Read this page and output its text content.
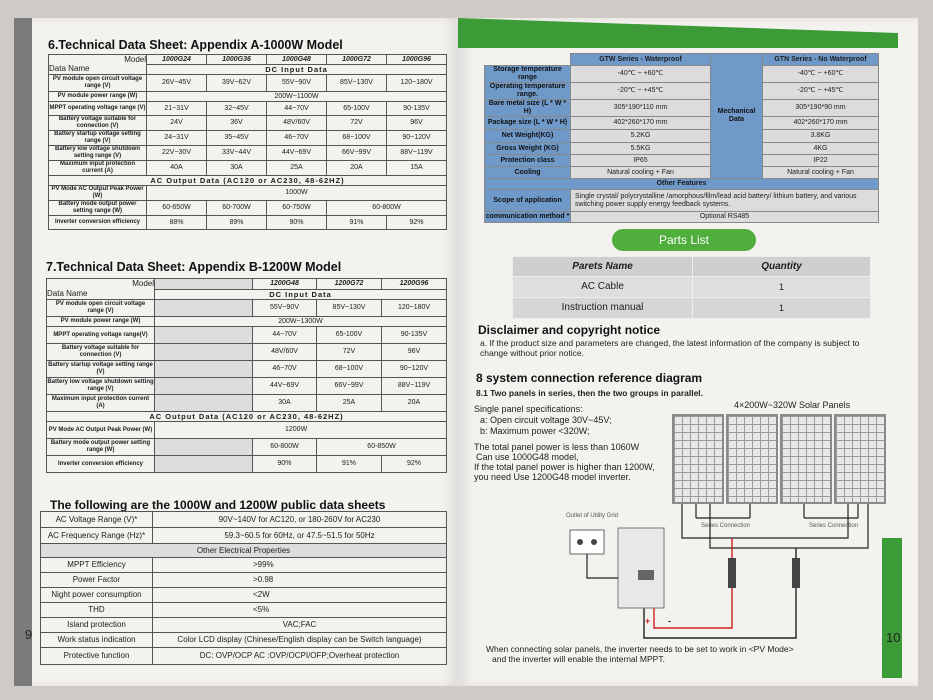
6.Technical Data Sheet: Appendix A-1000W Model
Model	1000G24	1000G36	1000G48	1000G72	1000G96
Data Name	DC Input Data				
PV module open circuit voltage range (V)	26V~45V	39V~62V	55V~90V	85V~130V	120~180V
PV module power range (W)	200W~1100W				
MPPT operating voltage range (V)	21~31V	32~45V	44~70V	65-100V	90-135V
Battery voltage suitable for connection (V)	24V	36V	48V/60V	72V	96V
Battery startup voltage setting range (V)	24~31V	35~45V	46~70V	68~100V	90~120V
Battery low voltage shutdown setting range (V)	22V~30V	33V~44V	44V~69V	66V~99V	88V~119V
Maximum input protection current (A)	40A	30A	25A	20A	15A
AC Output Data (AC120 or AC230, 48-62HZ)					
PV Mode AC Output Peak Power (W)	1000W				
Battery mode output power setting range (W)	60-650W	60-700W	60-750W	60-800W	
Inverter conversion efficiency	88%	89%	90%	91%	92%
7.Technical Data Sheet: Appendix B-1200W Model
Model		1200G48	1200G72	1200G96
Data Name	DC Input Data			
PV module open circuit voltage range (V)		55V~90V	85V~130V	120~180V
PV module power range (W)	200W~1300W			
MPPT operating voltage range(V)		44~70V	65-100V	90-135V
Battery voltage suitable for connection (V)		48V/60V	72V	96V
Battery startup voltage setting range (V)		46~70V	68~100V	90~120V
Battery low voltage shutdown setting range (V)		44V~69V	66V~99V	88V~119V
Maximum input protection current (A)		30A	25A	20A
AC Output Data (AC120 or AC230, 48-62HZ)				
PV Mode AC Output Peak Power (W)	1200W			
Battery mode output power setting range (W)		60-800W	60-850W	
Inverter conversion efficiency		90%	91%	92%
The following are the 1000W and 1200W public data sheets
AC Voltage Range (V)*	90V~140V for AC120, or 180-260V for AC230
AC Frequency Range (Hz)*	59.3~60.5 for 60Hz, or 47.5~51.5 for 50Hz
Other Electrical Properties	
MPPT Efficiency	>99%
Power Factor	>0.98
Night power consumption	<2W
THD	<5%
Island protection	VAC;FAC
Work status indication	Color LCD display (Chinese/English display can be Switch language)
Protective function	DC: OVP/OCP AC :OVP/OCPI/OFP;Overheat protection
9
	GTW Series - Waterproof	Mechanical Data	GTN Series - No Waterproof
Storage temperature range	-40℃ ~ +60℃		-40℃ ~ +60℃
Operating temperature range.	-20℃ ~ +45℃		-20℃ ~ +45℃
Bare metal size (L * W * H)	305*190*110 mm		305*190*90 mm
Package size (L * W * H)	402*260*170 mm		402*260*170 mm
Net Weight(KG)	5.2KG		3.8KG
Gross Weight (KG)	5.5KG		4KG
Protection class	IP65		IP22
Cooling	Natural cooling + Fan		Natural cooling + Fan
Other Features			
Scope of application	Single crystal/ polycrystalline /amorphous/film/lead acid battery/ lithium battery, and various switching power supply energy feedback systems.		
communication method *	Optional RS485		
Parts List
Parets Name	Quantity
AC Cable	1
Instruction manual	1
Disclaimer and copyright notice
a. If the product size and parameters are changed, the latest information of the company is subject to change without prior notice.
8 system connection reference diagram
8.1 Two panels in series, then the two groups in parallel.
Single panel specifications:
a: Open circuit voltage 30V~45V;
b: Maximum power <320W;
The total panel power is less than 1060W
Can use 1000G48 model,
If the total panel power is higher than 1200W,
you need Use 1200G48 model inverter.
4×200W~320W Solar Panels
Outlet of Utility Grid
Series Connection	Series Connection
+ -
When connecting solar panels, the inverter needs to be set to work in <PV Mode>
and the inverter will enable the internal MPPT.
10
